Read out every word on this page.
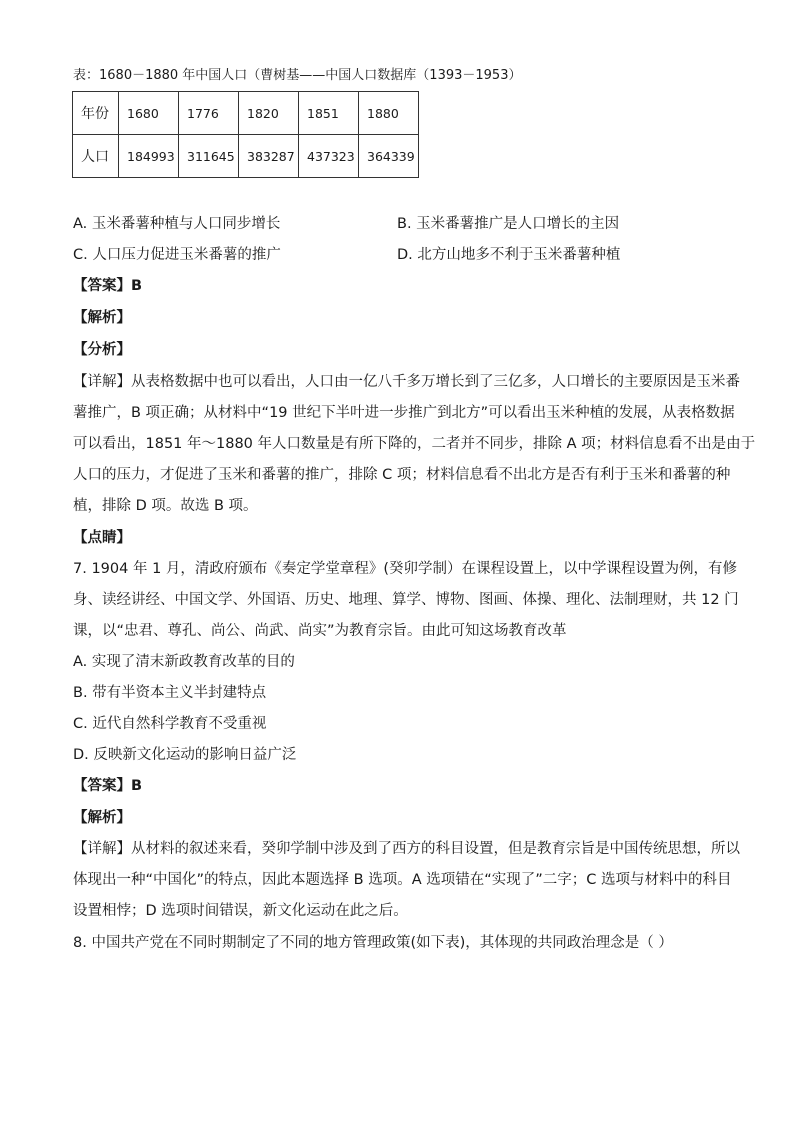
表：1680－1880 年中国人口（曹树基——中国人口数据库（1393－1953）
年份	1680	1776	1820	1851	1880
人口	184993	311645	383287	437323	364339
A. 玉米番薯种植与人口同步增长	B. 玉米番薯推广是人口增长的主因
C. 人口压力促进玉米番薯的推广	D. 北方山地多不利于玉米番薯种植
【答案】B
【解析】
【分析】
【详解】从表格数据中也可以看出，人口由一亿八千多万增长到了三亿多，人口增长的主要原因是玉米番
薯推广，B 项正确；从材料中“19 世纪下半叶进一步推广到北方”可以看出玉米种植的发展，从表格数据
可以看出，1851 年～1880 年人口数量是有所下降的，二者并不同步，排除 A 项；材料信息看不出是由于
人口的压力，才促进了玉米和番薯的推广，排除 C 项；材料信息看不出北方是否有利于玉米和番薯的种
植，排除 D 项。故选 B 项。
【点睛】
7. 1904 年 1 月，清政府颁布《奏定学堂章程》(癸卯学制）在课程设置上，以中学课程设置为例，有修
身、读经讲经、中国文学、外国语、历史、地理、算学、博物、图画、体操、理化、法制理财，共 12 门
课，以“忠君、尊孔、尚公、尚武、尚实”为教育宗旨。由此可知这场教育改革
A. 实现了清末新政教育改革的目的
B. 带有半资本主义半封建特点
C. 近代自然科学教育不受重视
D. 反映新文化运动的影响日益广泛
【答案】B
【解析】
【详解】从材料的叙述来看，癸卯学制中涉及到了西方的科目设置，但是教育宗旨是中国传统思想，所以
体现出一种“中国化”的特点，因此本题选择 B 选项。A 选项错在“实现了”二字；C 选项与材料中的科目
设置相悖；D 选项时间错误，新文化运动在此之后。
8. 中国共产党在不同时期制定了不同的地方管理政策(如下表)，其体现的共同政治理念是（ ）
